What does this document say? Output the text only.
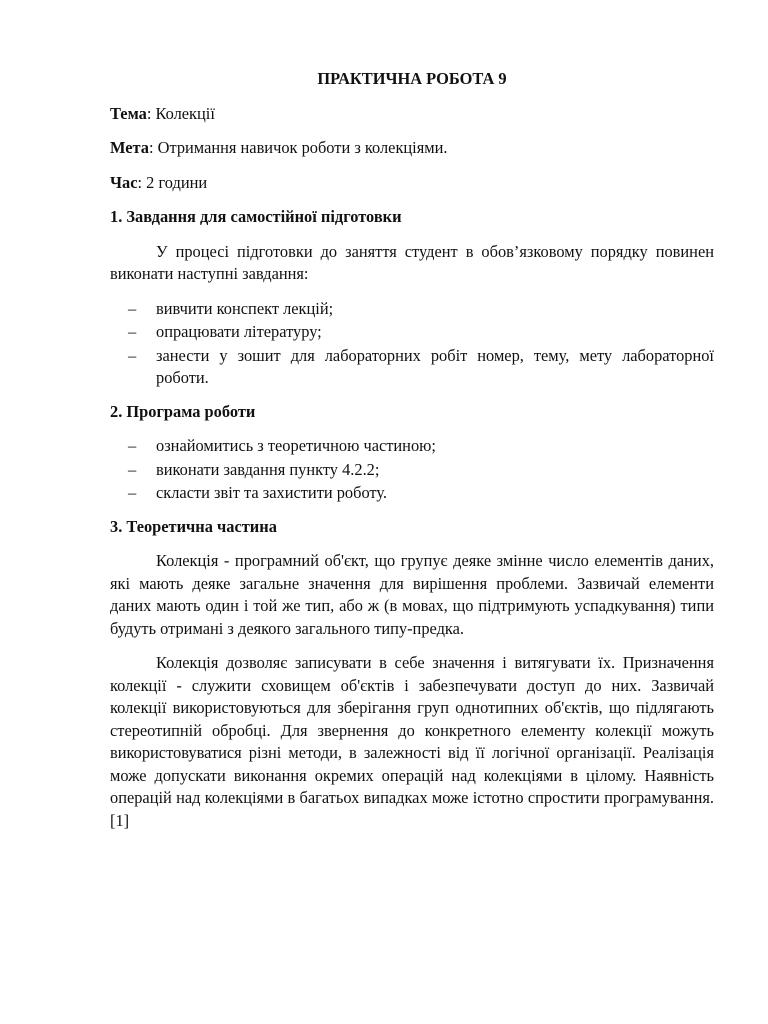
ПРАКТИЧНА РОБОТА 9

Тема: Колекції

Мета: Отримання навичок роботи з колекціями.

Час: 2 години

1. Завдання для самостійної підготовки

У процесі підготовки до заняття студент в обов’язковому порядку повинен виконати наступні завдання:

– вивчити конспект лекцій;
– опрацювати літературу;
– занести у зошит для лабораторних робіт номер, тему, мету лабораторної роботи.
2. Програма роботи
– ознайомитись з теоретичною частиною;
– виконати завдання пункту 4.2.2;
– скласти звіт та захистити роботу.
3. Теоретична частина

Колекція - програмний об'єкт, що групує деяке змінне число елементів даних, які мають деяке загальне значення для вирішення проблеми. Зазвичай елементи даних мають один і той же тип, або ж (в мовах, що підтримують успадкування) типи будуть отримані з деякого загального типу-предка.

Колекція дозволяє записувати в себе значення і витягувати їх. Призначення колекції - служити сховищем об'єктів і забезпечувати доступ до них. Зазвичай колекції використовуються для зберігання груп однотипних об'єктів, що підлягають стереотипній обробці. Для звернення до конкретного елементу колекції можуть використовуватися різні методи, в залежності від її логічної організації. Реалізація може допускати виконання окремих операцій над колекціями в цілому. Наявність операцій над колекціями в багатьох випадках може істотно спростити програмування. [1]
